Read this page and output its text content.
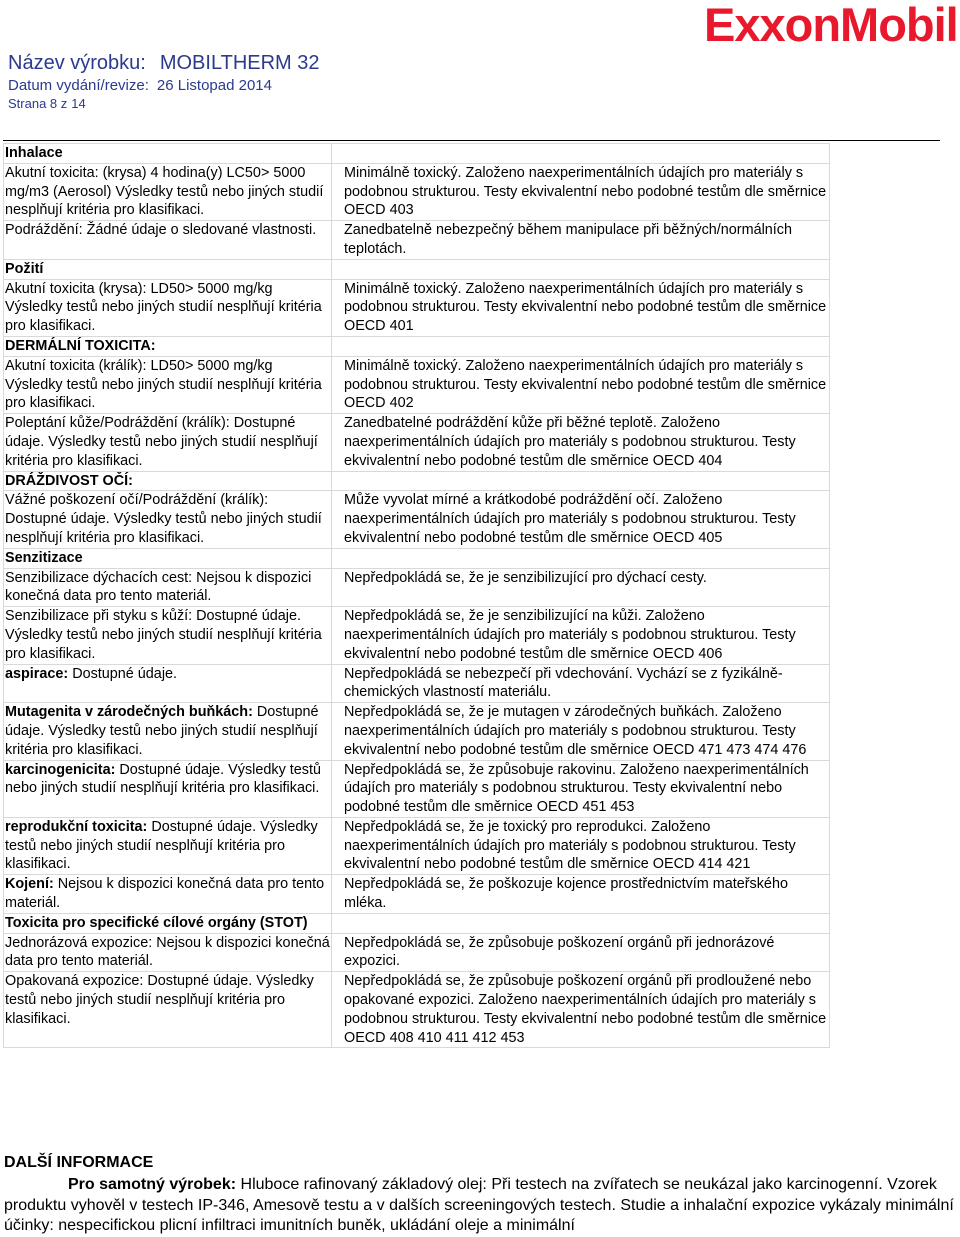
ExxonMobil
Název výrobku: MOBILTHERM 32
Datum vydání/revize: 26 Listopad 2014
Strana 8 z 14
Inhalace	
Akutní toxicita: (krysa) 4 hodina(y) LC50> 5000 mg/m3 (Aerosol) Výsledky testů nebo jiných studií nesplňují kritéria pro klasifikaci.	Minimálně toxický. Založeno naexperimentálních údajích pro materiály s podobnou strukturou. Testy ekvivalentní nebo podobné testům dle směrnice OECD 403
Podráždění: Žádné údaje o sledované vlastnosti.	Zanedbatelně nebezpečný během manipulace při běžných/normálních teplotách.
Požití	
Akutní toxicita (krysa): LD50> 5000 mg/kg Výsledky testů nebo jiných studií nesplňují kritéria pro klasifikaci.	Minimálně toxický. Založeno naexperimentálních údajích pro materiály s podobnou strukturou. Testy ekvivalentní nebo podobné testům dle směrnice OECD 401
DERMÁLNÍ TOXICITA:	
Akutní toxicita (králík): LD50> 5000 mg/kg Výsledky testů nebo jiných studií nesplňují kritéria pro klasifikaci.	Minimálně toxický. Založeno naexperimentálních údajích pro materiály s podobnou strukturou. Testy ekvivalentní nebo podobné testům dle směrnice OECD 402
Poleptání kůže/Podráždění (králík): Dostupné údaje. Výsledky testů nebo jiných studií nesplňují kritéria pro klasifikaci.	Zanedbatelné podráždění kůže při běžné teplotě. Založeno naexperimentálních údajích pro materiály s podobnou strukturou. Testy ekvivalentní nebo podobné testům dle směrnice OECD 404
DRÁŽDIVOST OČÍ:	
Vážné poškození očí/Podráždění (králík): Dostupné údaje. Výsledky testů nebo jiných studií nesplňují kritéria pro klasifikaci.	Může vyvolat mírné a krátkodobé podráždění očí. Založeno naexperimentálních údajích pro materiály s podobnou strukturou. Testy ekvivalentní nebo podobné testům dle směrnice OECD 405
Senzitizace	
Senzibilizace dýchacích cest: Nejsou k dispozici konečná data pro tento materiál.	Nepředpokládá se, že je senzibilizující pro dýchací cesty.
Senzibilizace při styku s kůží: Dostupné údaje. Výsledky testů nebo jiných studií nesplňují kritéria pro klasifikaci.	Nepředpokládá se, že je senzibilizující na kůži. Založeno naexperimentálních údajích pro materiály s podobnou strukturou. Testy ekvivalentní nebo podobné testům dle směrnice OECD 406
aspirace: Dostupné údaje.	Nepředpokládá se nebezpečí při vdechování. Vychází se z fyzikálně-chemických vlastností materiálu.
Mutagenita v zárodečných buňkách: Dostupné údaje. Výsledky testů nebo jiných studií nesplňují kritéria pro klasifikaci.	Nepředpokládá se, že je mutagen v zárodečných buňkách. Založeno naexperimentálních údajích pro materiály s podobnou strukturou. Testy ekvivalentní nebo podobné testům dle směrnice OECD 471 473 474 476
karcinogenicita: Dostupné údaje. Výsledky testů nebo jiných studií nesplňují kritéria pro klasifikaci.	Nepředpokládá se, že způsobuje rakovinu. Založeno naexperimentálních údajích pro materiály s podobnou strukturou. Testy ekvivalentní nebo podobné testům dle směrnice OECD 451 453
reprodukční toxicita: Dostupné údaje. Výsledky testů nebo jiných studií nesplňují kritéria pro klasifikaci.	Nepředpokládá se, že je toxický pro reprodukci. Založeno naexperimentálních údajích pro materiály s podobnou strukturou. Testy ekvivalentní nebo podobné testům dle směrnice OECD 414 421
Kojení: Nejsou k dispozici konečná data pro tento materiál.	Nepředpokládá se, že poškozuje kojence prostřednictvím mateřského mléka.
Toxicita pro specifické cílové orgány (STOT)	
Jednorázová expozice: Nejsou k dispozici konečná data pro tento materiál.	Nepředpokládá se, že způsobuje poškození orgánů při jednorázové expozici.
Opakovaná expozice: Dostupné údaje. Výsledky testů nebo jiných studií nesplňují kritéria pro klasifikaci.	Nepředpokládá se, že způsobuje poškození orgánů při prodloužené nebo opakované expozici. Založeno naexperimentálních údajích pro materiály s podobnou strukturou. Testy ekvivalentní nebo podobné testům dle směrnice OECD 408 410 411 412 453
DALŠÍ INFORMACE
Pro samotný výrobek: Hluboce rafinovaný základový olej: Při testech na zvířatech se neukázal jako karcinogenní. Vzorek produktu vyhověl v testech IP-346, Amesově testu a v dalších screeningových testech. Studie a inhalační expozice vykázaly minimální účinky: nespecifickou plicní infiltraci imunitních buněk, ukládání oleje a minimální
